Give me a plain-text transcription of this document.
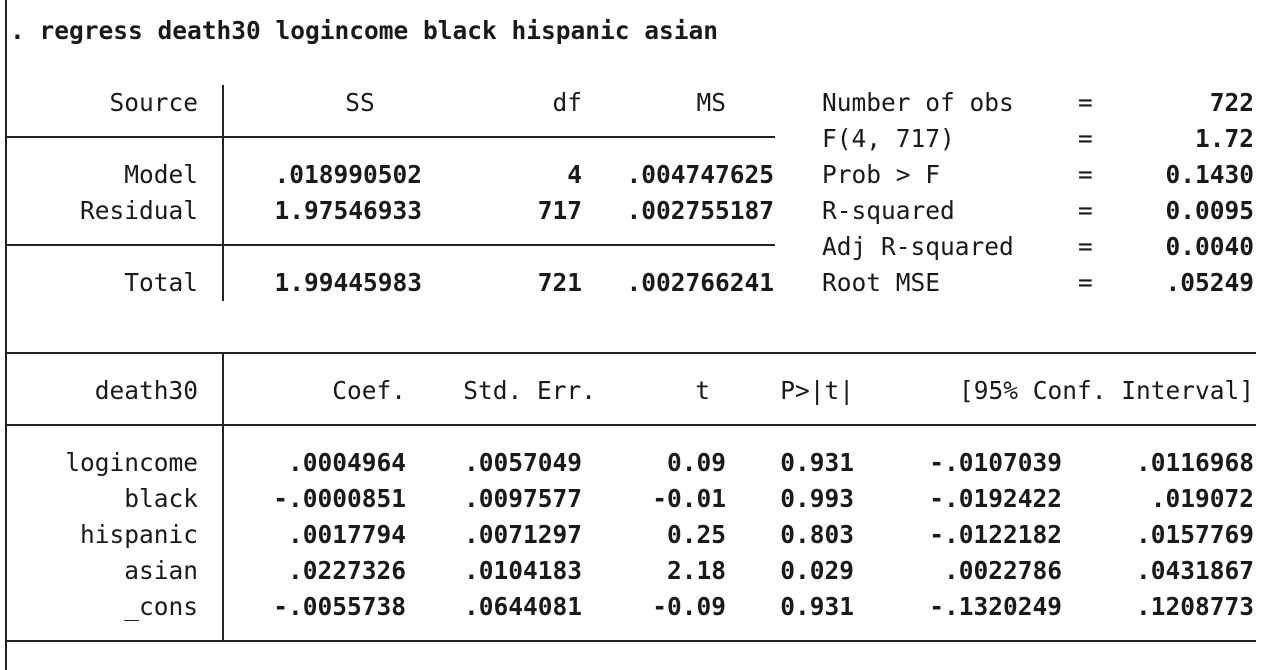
. regress death30 logincome black hispanic asian
Source	SS	df	MS
Model	.018990502	4	.004747625
Residual	1.97546933	717	.002755187
Total	1.99445983	721	.002766241
Number of obs	=	722
F(4, 717)	=	1.72
Prob > F	=	0.1430
R-squared	=	0.0095
Adj R-squared	=	0.0040
Root MSE	=	.05249
death30	Coef.	Std. Err.	t	P>|t|	[95% Conf. Interval]
logincome	.0004964	.0057049	0.09	0.931	-.0107039	.0116968
black	-.0000851	.0097577	-0.01	0.993	-.0192422	.019072
hispanic	.0017794	.0071297	0.25	0.803	-.0122182	.0157769
asian	.0227326	.0104183	2.18	0.029	.0022786	.0431867
_cons	-.0055738	.0644081	-0.09	0.931	-.1320249	.1208773
